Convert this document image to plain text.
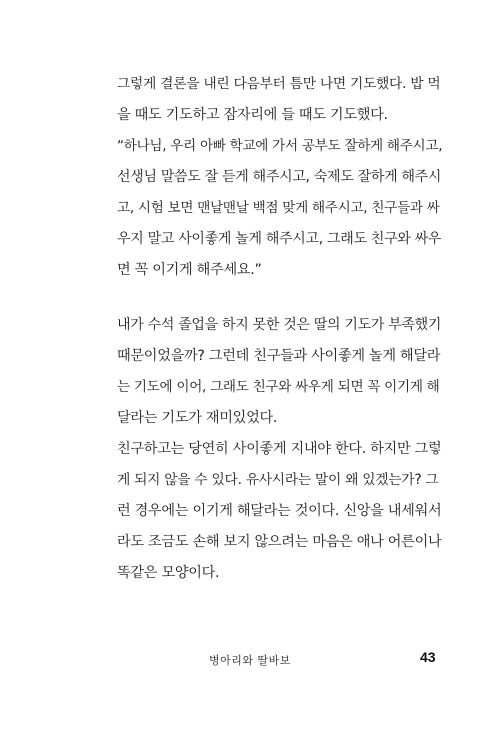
그렇게 결론을 내린 다음부터 틈만 나면 기도했다. 밥 먹
을 때도 기도하고 잠자리에 들 때도 기도했다.
“하나님, 우리 아빠 학교에 가서 공부도 잘하게 해주시고,
선생님 말씀도 잘 듣게 해주시고, 숙제도 잘하게 해주시
고, 시험 보면 맨날맨날 백점 맞게 해주시고, 친구들과 싸
우지 말고 사이좋게 놀게 해주시고, 그래도 친구와 싸우
면 꼭 이기게 해주세요.”
내가 수석 졸업을 하지 못한 것은 딸의 기도가 부족했기
때문이었을까? 그런데 친구들과 사이좋게 놀게 해달라
는 기도에 이어, 그래도 친구와 싸우게 되면 꼭 이기게 해
달라는 기도가 재미있었다.
친구하고는 당연히 사이좋게 지내야 한다. 하지만 그렇
게 되지 않을 수 있다. 유사시라는 말이 왜 있겠는가? 그
런 경우에는 이기게 해달라는 것이다. 신앙을 내세워서
라도 조금도 손해 보지 않으려는 마음은 애나 어른이나
똑같은 모양이다.
병아리와 딸바보	43
